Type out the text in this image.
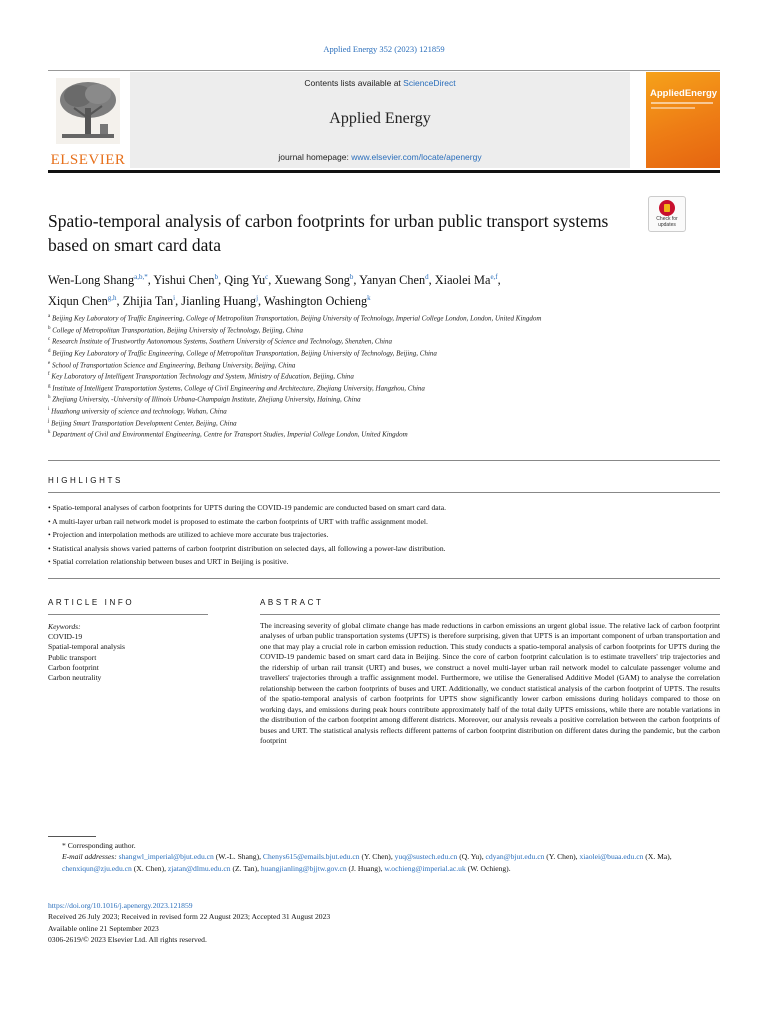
Applied Energy 352 (2023) 121859
ELSEVIER
Contents lists available at ScienceDirect
Applied Energy
journal homepage: www.elsevier.com/locate/apenergy
AppliedEnergy
Spatio-temporal analysis of carbon footprints for urban public transport systems based on smart card data
Check for updates
Wen-Long Shang$^{a,b,*}$, Yishui Chen$^b$, Qing Yu$^c$, Xuewang Song$^b$, Yanyan Chen$^d$, Xiaolei Ma$^{e,f}$,
Xiqun Chen$^{g,h}$, Zhijia Tan$^i$, Jianling Huang$^j$, Washington Ochieng$^k$
$^a$ Beijing Key Laboratory of Traffic Engineering, College of Metropolitan Transportation, Beijing University of Technology, Imperial College London, London, United Kingdom
$^b$ College of Metropolitan Transportation, Beijing University of Technology, Beijing, China
$^c$ Research Institute of Trustworthy Autonomous Systems, Southern University of Science and Technology, Shenzhen, China
$^d$ Beijing Key Laboratory of Traffic Engineering, College of Metropolitan Transportation, Beijing University of Technology, Beijing, China
$^e$ School of Transportation Science and Engineering, Beihang University, Beijing, China
$^f$ Key Laboratory of Intelligent Transportation Technology and System, Ministry of Education, Beijing, China
$^g$ Institute of Intelligent Transportation Systems, College of Civil Engineering and Architecture, Zhejiang University, Hangzhou, China
$^h$ Zhejiang University, -University of Illinois Urbana-Champaign Institute, Zhejiang University, Haining, China
$^i$ Huazhong university of science and technology, Wuhan, China
$^j$ Beijing Smart Transportation Development Center, Beijing, China
$^k$ Department of Civil and Environmental Engineering, Centre for Transport Studies, Imperial College London, United Kingdom
HIGHLIGHTS
• Spatio-temporal analyses of carbon footprints for UPTS during the COVID-19 pandemic are conducted based on smart card data.
• A multi-layer urban rail network model is proposed to estimate the carbon footprints of URT with traffic assignment model.
• Projection and interpolation methods are utilized to achieve more accurate bus trajectories.
• Statistical analysis shows varied patterns of carbon footprint distribution on selected days, all following a power-law distribution.
• Spatial correlation relationship between buses and URT in Beijing is positive.
ARTICLE INFO	ABSTRACT
Keywords:
COVID-19
Spatial-temporal analysis
Public transport
Carbon footprint
Carbon neutrality
The increasing severity of global climate change has made reductions in carbon emissions an urgent global issue. The relative lack of carbon footprint analyses of urban public transportation systems (UPTS) is therefore surprising, given that UPTS is an important component of urban transportation and one that may play a crucial role in carbon emission reduction. This study conducts a spatio-temporal analysis of carbon footprints for UPTS during the COVID-19 pandemic based on smart card data in Beijing. Since the core of carbon footprint calculation is to estimate travellers' trip trajectories and the ridership of urban rail transit (URT) and buses, we construct a novel multi-layer urban rail network model to calculate passenger volume and travellers' trajectories through a traffic assignment model. Furthermore, we utilise the Generalised Additive Model (GAM) to analyse the correlation relationship between the carbon footprints of buses and URT. Additionally, we conduct statistical analysis of the carbon footprint of UPTS. The results of the spatio-temporal analysis of carbon footprints for UPTS show significantly lower carbon emissions during holidays compared to those on working days, and emissions during peak hours contribute approximately half of the total daily UPTS emissions, while there are notable variations in the distribution of the carbon footprint among different districts. Moreover, our analysis reveals a positive correlation between the carbon footprints of buses and URT. The statistical analysis reflects different patterns of carbon footprint distribution on different dates during the pandemic, but the carbon footprint
* Corresponding author.
E-mail addresses: shangwl_imperial@bjut.edu.cn (W.-L. Shang), Chenys615@emails.bjut.edu.cn (Y. Chen), yuq@sustech.edu.cn (Q. Yu), cdyan@bjut.edu.cn (Y. Chen), xiaolei@buaa.edu.cn (X. Ma), chenxiqun@zju.edu.cn (X. Chen), zjatan@dlmu.edu.cn (Z. Tan), huangjianling@bjjtw.gov.cn (J. Huang), w.ochieng@imperial.ac.uk (W. Ochieng).
https://doi.org/10.1016/j.apenergy.2023.121859
Received 26 July 2023; Received in revised form 22 August 2023; Accepted 31 August 2023
Available online 21 September 2023
0306-2619/© 2023 Elsevier Ltd. All rights reserved.
